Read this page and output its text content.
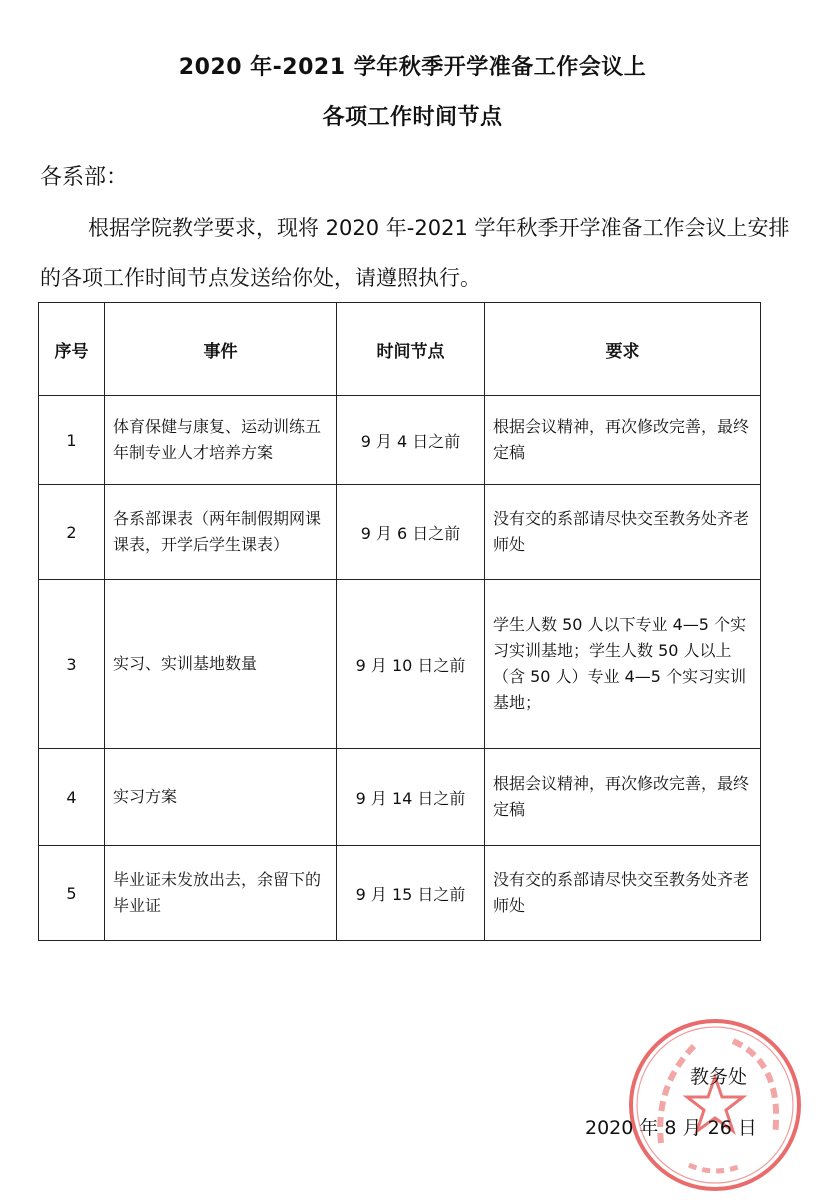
2020 年-2021 学年秋季开学准备工作会议上
各项工作时间节点
各系部：
根据学院教学要求，现将 2020 年-2021 学年秋季开学准备工作会议上安排的各项工作时间节点发送给你处，请遵照执行。
序号	事件	时间节点	要求
1	体育保健与康复、运动训练五年制专业人才培养方案	9 月 4 日之前	根据会议精神，再次修改完善，最终定稿
2	各系部课表（两年制假期网课课表，开学后学生课表）	9 月 6 日之前	没有交的系部请尽快交至教务处齐老师处
3	实习、实训基地数量	9 月 10 日之前	学生人数 50 人以下专业 4—5 个实习实训基地；学生人数 50 人以上（含 50 人）专业 4—5 个实习实训基地；
4	实习方案	9 月 14 日之前	根据会议精神，再次修改完善，最终定稿
5	毕业证未发放出去，余留下的毕业证	9 月 15 日之前	没有交的系部请尽快交至教务处齐老师处
教务处
2020 年 8 月 26 日
